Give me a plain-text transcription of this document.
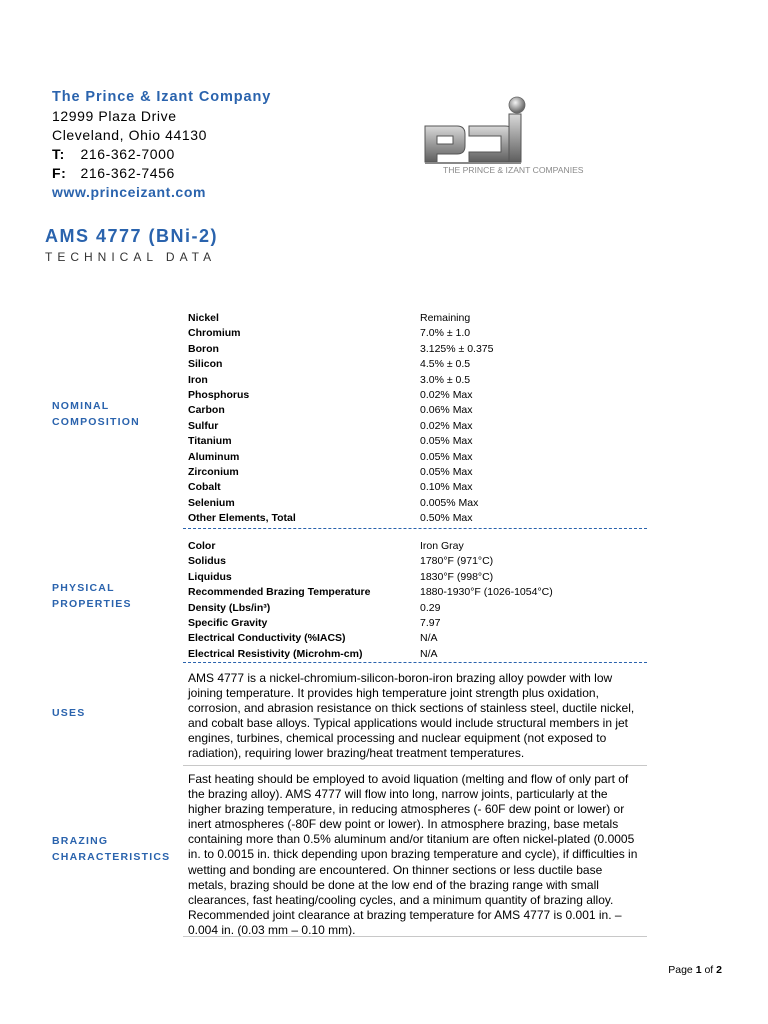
The Prince & Izant Company
12999 Plaza Drive
Cleveland, Ohio 44130
T: 216-362-7000
F: 216-362-7456
www.princeizant.com
THE PRINCE & IZANT COMPANIES
AMS 4777 (BNi-2)
TECHNICAL DATA
NOMINAL
COMPOSITION
Nickel	Remaining
Chromium	7.0% ± 1.0
Boron	3.125% ± 0.375
Silicon	4.5% ± 0.5
Iron	3.0% ± 0.5
Phosphorus	0.02% Max
Carbon	0.06% Max
Sulfur	0.02% Max
Titanium	0.05% Max
Aluminum	0.05% Max
Zirconium	0.05% Max
Cobalt	0.10% Max
Selenium	0.005% Max
Other Elements, Total	0.50% Max
PHYSICAL
PROPERTIES
Color	Iron Gray
Solidus	1780°F (971°C)
Liquidus	1830°F (998°C)
Recommended Brazing Temperature	1880-1930°F (1026-1054°C)
Density (Lbs/in³)	0.29
Specific Gravity	7.97
Electrical Conductivity (%IACS)	N/A
Electrical Resistivity (Microhm-cm)	N/A
USES
AMS 4777 is a nickel-chromium-silicon-boron-iron brazing alloy powder with low joining temperature. It provides high temperature joint strength plus oxidation, corrosion, and abrasion resistance on thick sections of stainless steel, ductile nickel, and cobalt base alloys. Typical applications would include structural members in jet engines, turbines, chemical processing and nuclear equipment (not exposed to radiation), requiring lower brazing/heat treatment temperatures.
BRAZING
CHARACTERISTICS
Fast heating should be employed to avoid liquation (melting and flow of only part of the brazing alloy). AMS 4777 will flow into long, narrow joints, particularly at the higher brazing temperature, in reducing atmospheres (- 60F dew point or lower) or inert atmospheres (-80F dew point or lower). In atmosphere brazing, base metals containing more than 0.5% aluminum and/or titanium are often nickel-plated (0.0005 in. to 0.0015 in. thick depending upon brazing temperature and cycle), if difficulties in wetting and bonding are encountered. On thinner sections or less ductile base metals, brazing should be done at the low end of the brazing range with small clearances, fast heating/cooling cycles, and a minimum quantity of brazing alloy. Recommended joint clearance at brazing temperature for AMS 4777 is 0.001 in. – 0.004 in. (0.03 mm – 0.10 mm).
Page 1 of 2
